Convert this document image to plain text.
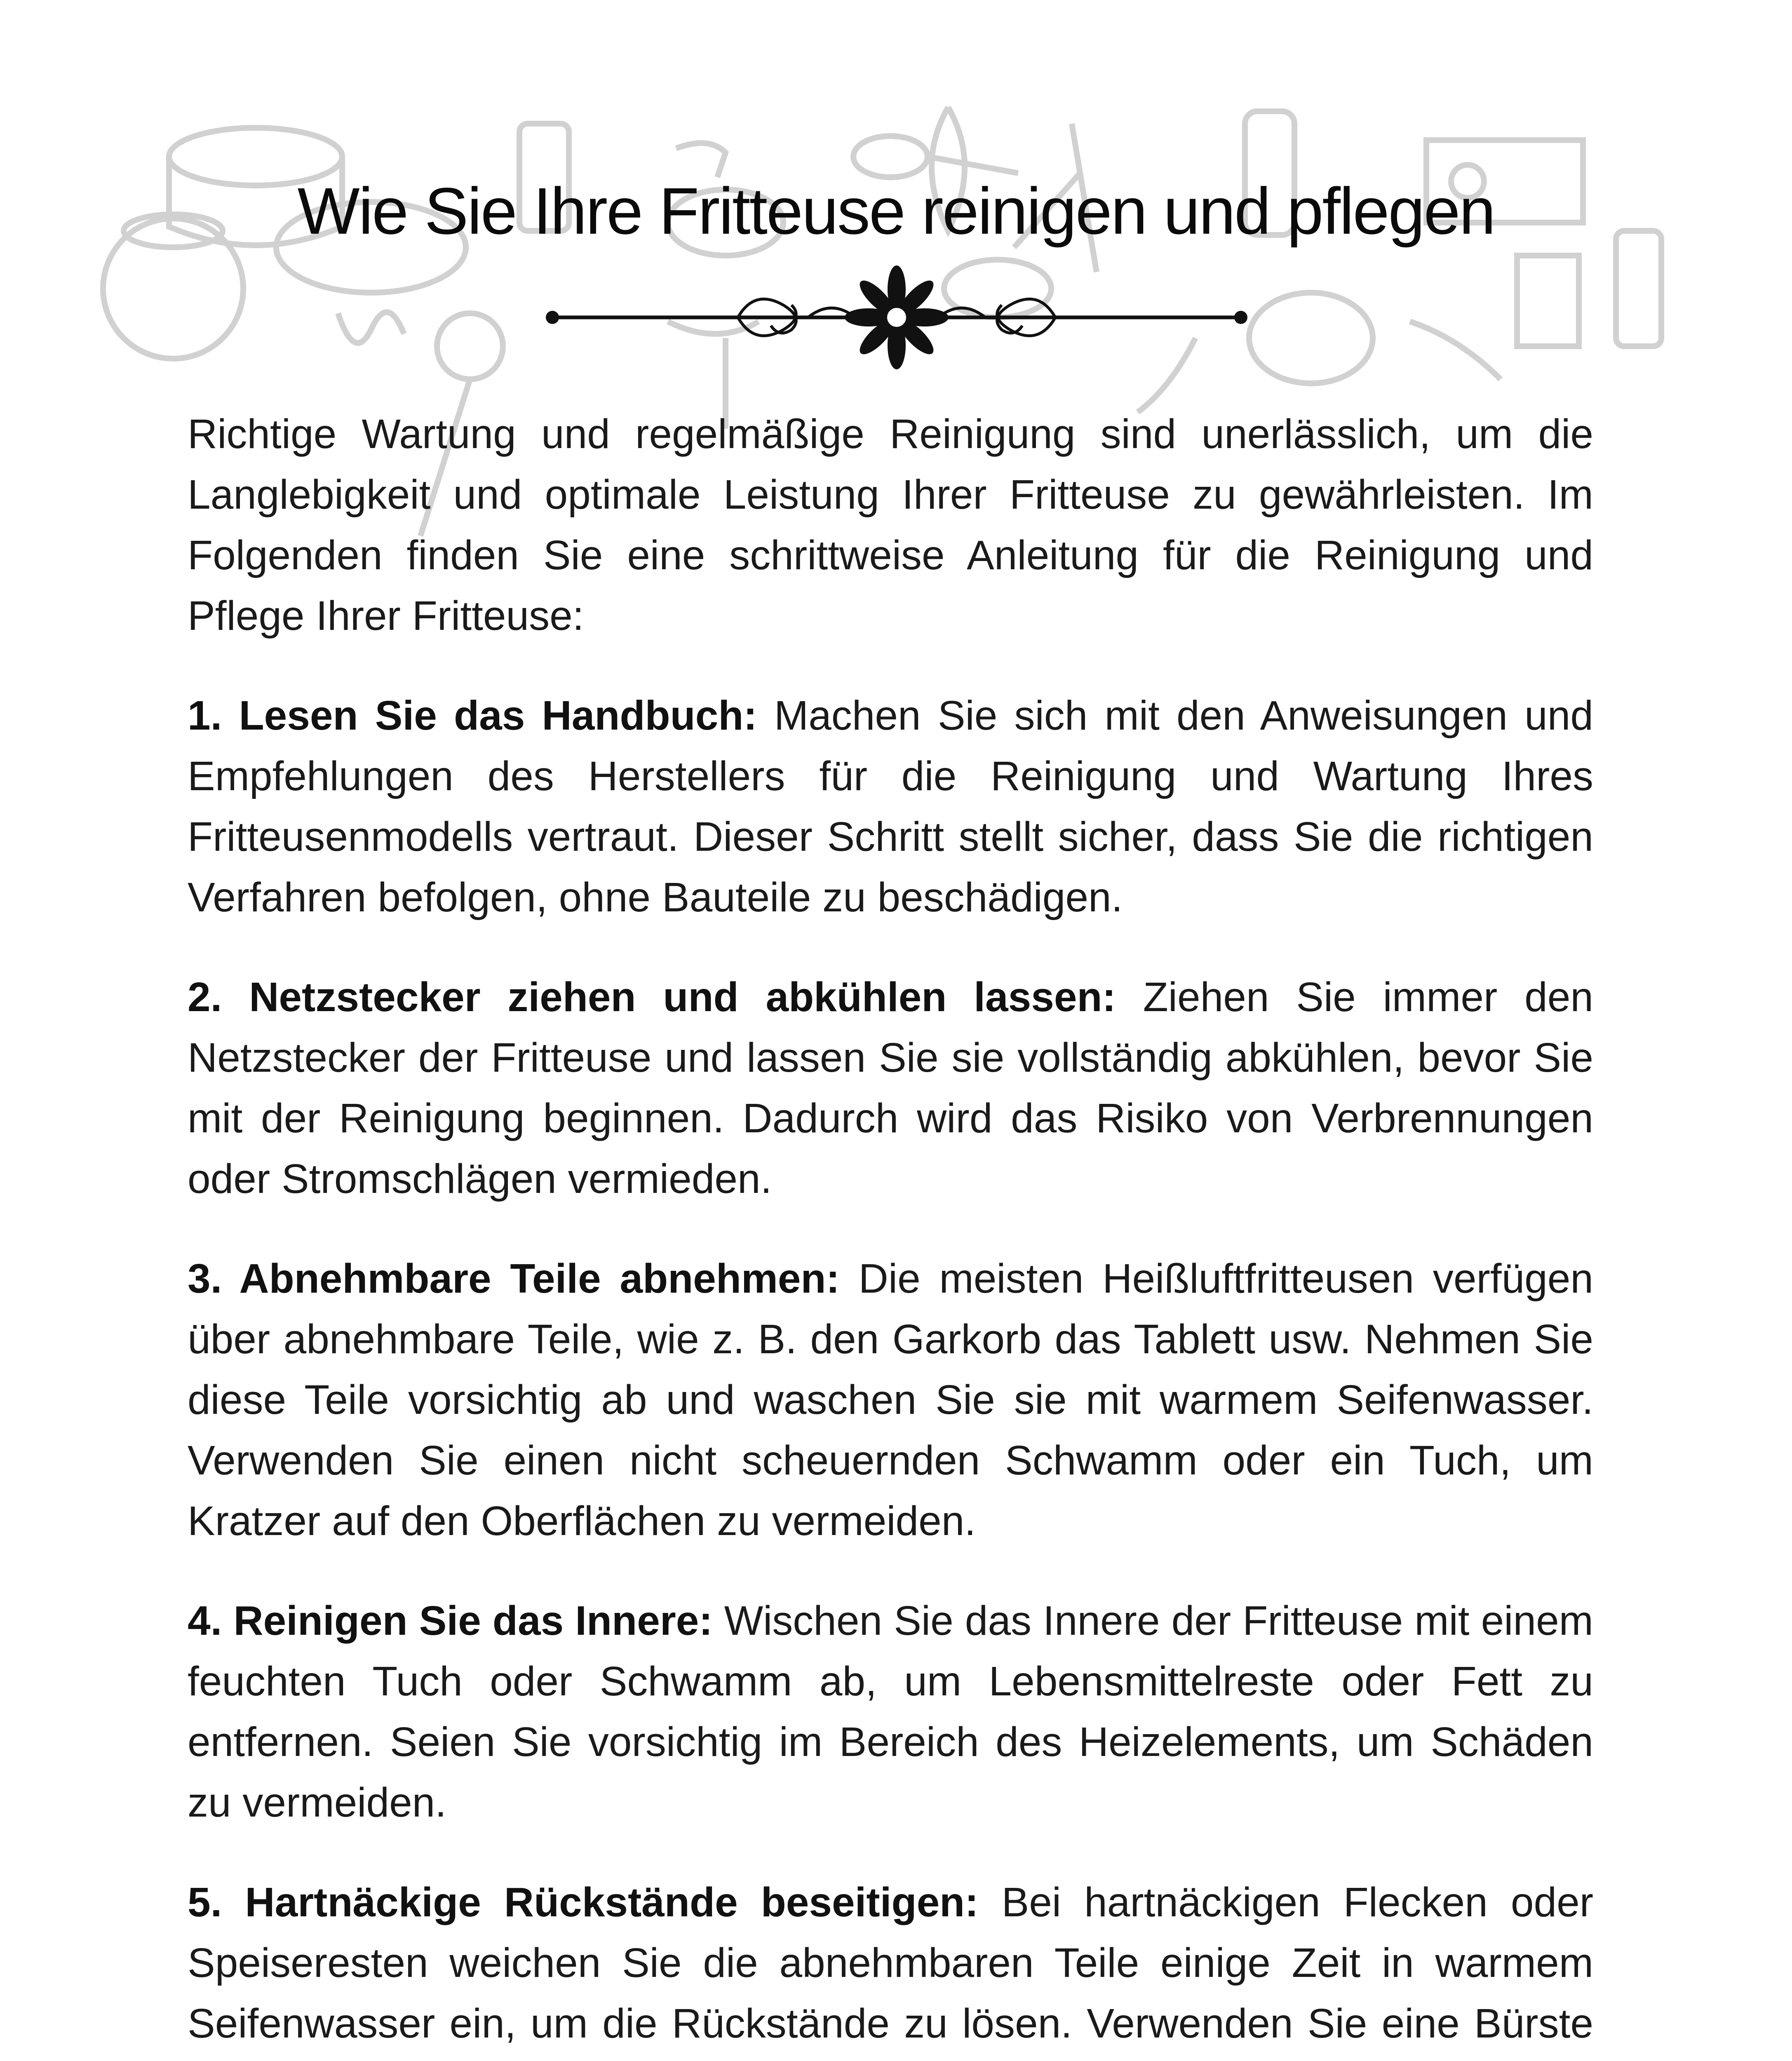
Wie Sie Ihre Fritteuse reinigen und pflegen

Richtige Wartung und regelmäßige Reinigung sind unerlässlich, um die Langlebigkeit und optimale Leistung Ihrer Fritteuse zu gewährleisten. Im Folgenden finden Sie eine schrittweise Anleitung für die Reinigung und Pflege Ihrer Fritteuse:

1. Lesen Sie das Handbuch: Machen Sie sich mit den Anweisungen und Empfehlungen des Herstellers für die Reinigung und Wartung Ihres Fritteusenmodells vertraut. Dieser Schritt stellt sicher, dass Sie die richtigen Verfahren befolgen, ohne Bauteile zu beschädigen.

2. Netzstecker ziehen und abkühlen lassen: Ziehen Sie immer den Netzstecker der Fritteuse und lassen Sie sie vollständig abkühlen, bevor Sie mit der Reinigung beginnen. Dadurch wird das Risiko von Verbrennungen oder Stromschlägen vermieden.

3. Abnehmbare Teile abnehmen: Die meisten Heißluftfritteusen verfügen über abnehmbare Teile, wie z. B. den Garkorb das Tablett usw. Nehmen Sie diese Teile vorsichtig ab und waschen Sie sie mit warmem Seifenwasser. Verwenden Sie einen nicht scheuernden Schwamm oder ein Tuch, um Kratzer auf den Oberflächen zu vermeiden.

4. Reinigen Sie das Innere: Wischen Sie das Innere der Fritteuse mit einem feuchten Tuch oder Schwamm ab, um Lebensmittelreste oder Fett zu entfernen. Seien Sie vorsichtig im Bereich des Heizelements, um Schäden zu vermeiden.

5. Hartnäckige Rückstände beseitigen: Bei hartnäckigen Flecken oder Speiseresten weichen Sie die abnehmbaren Teile einige Zeit in warmem Seifenwasser ein, um die Rückstände zu lösen. Verwenden Sie eine Bürste
